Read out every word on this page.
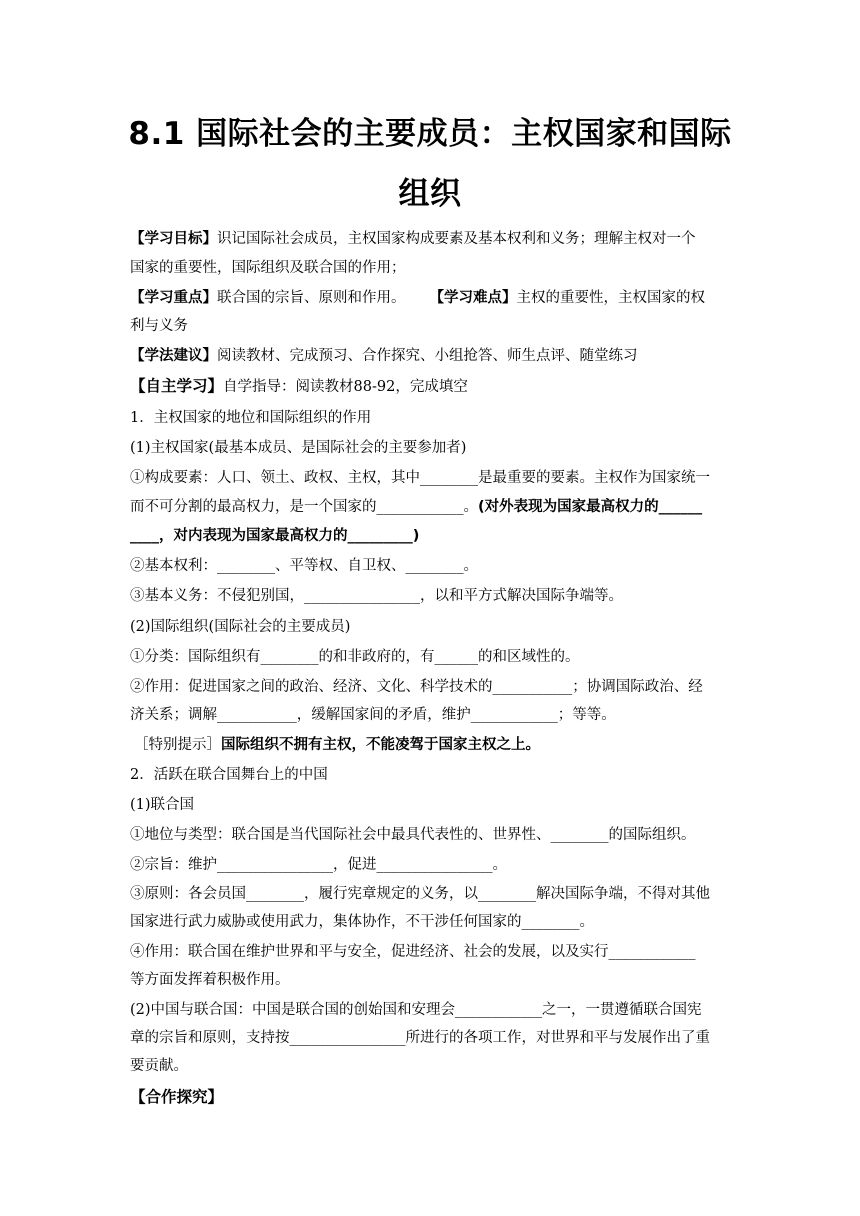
8.1 国际社会的主要成员：主权国家和国际
组织
【学习目标】识记国际社会成员，主权国家构成要素及基本权利和义务；理解主权对一个
国家的重要性，国际组织及联合国的作用；
【学习重点】联合国的宗旨、原则和作用。 【学习难点】主权的重要性，主权国家的权
利与义务
【学法建议】阅读教材、完成预习、合作探究、小组抢答、师生点评、随堂练习
【自主学习】自学指导：阅读教材88-92，完成填空
1．主权国家的地位和国际组织的作用
(1)主权国家(最基本成员、是国际社会的主要参加者)
①构成要素：人口、领土、政权、主权，其中________是最重要的要素。主权作为国家统一
而不可分割的最高权力，是一个国家的____________。(对外表现为国家最高权力的______
____，对内表现为国家最高权力的_________)
②基本权利：________、平等权、自卫权、________。
③基本义务：不侵犯别国，________________，以和平方式解决国际争端等。
(2)国际组织(国际社会的主要成员)
①分类：国际组织有________的和非政府的，有______的和区域性的。
②作用：促进国家之间的政治、经济、文化、科学技术的___________；协调国际政治、经
济关系；调解___________，缓解国家间的矛盾，维护____________；等等。
［特别提示］国际组织不拥有主权，不能凌驾于国家主权之上。
2．活跃在联合国舞台上的中国
(1)联合国
①地位与类型：联合国是当代国际社会中最具代表性的、世界性、________的国际组织。
②宗旨：维护________________，促进________________。
③原则：各会员国________，履行宪章规定的义务，以________解决国际争端，不得对其他
国家进行武力威胁或使用武力，集体协作，不干涉任何国家的________。
④作用：联合国在维护世界和平与安全，促进经济、社会的发展，以及实行____________
等方面发挥着积极作用。
(2)中国与联合国：中国是联合国的创始国和安理会____________之一，一贯遵循联合国宪
章的宗旨和原则，支持按________________所进行的各项工作，对世界和平与发展作出了重
要贡献。
【合作探究】
